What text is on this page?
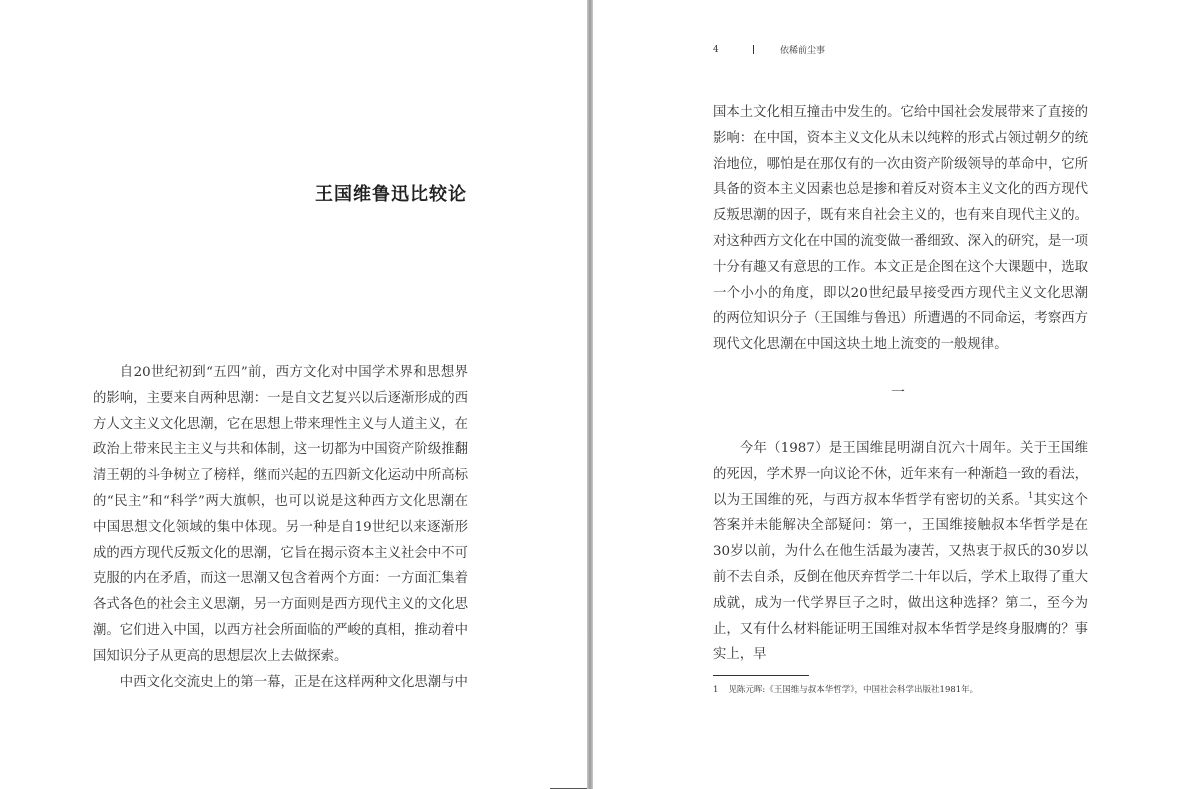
王国维鲁迅比较论

自20世纪初到“五四”前，西方文化对中国学术界和思想界的影响，主要来自两种思潮：一是自文艺复兴以后逐渐形成的西方人文主义文化思潮，它在思想上带来理性主义与人道主义，在政治上带来民主主义与共和体制，这一切都为中国资产阶级推翻清王朝的斗争树立了榜样，继而兴起的五四新文化运动中所高标的“民主”和“科学”两大旗帜，也可以说是这种西方文化思潮在中国思想文化领域的集中体现。另一种是自19世纪以来逐渐形成的西方现代反叛文化的思潮，它旨在揭示资本主义社会中不可克服的内在矛盾，而这一思潮又包含着两个方面：一方面汇集着各式各色的社会主义思潮，另一方面则是西方现代主义的文化思潮。它们进入中国，以西方社会所面临的严峻的真相，推动着中国知识分子从更高的思想层次上去做探索。

中西文化交流史上的第一幕，正是在这样两种文化思潮与中

4	依稀前尘事

国本土文化相互撞击中发生的。它给中国社会发展带来了直接的影响：在中国，资本主义文化从未以纯粹的形式占领过朝夕的统治地位，哪怕是在那仅有的一次由资产阶级领导的革命中，它所具备的资本主义因素也总是掺和着反对资本主义文化的西方现代反叛思潮的因子，既有来自社会主义的，也有来自现代主义的。对这种西方文化在中国的流变做一番细致、深入的研究，是一项十分有趣又有意思的工作。本文正是企图在这个大课题中，选取一个小小的角度，即以20世纪最早接受西方现代主义文化思潮的两位知识分子（王国维与鲁迅）所遭遇的不同命运，考察西方现代文化思潮在中国这块土地上流变的一般规律。

一

今年（1987）是王国维昆明湖自沉六十周年。关于王国维的死因，学术界一向议论不休，近年来有一种渐趋一致的看法，以为王国维的死，与西方叔本华哲学有密切的关系。$^1$其实这个答案并未能解决全部疑问：第一，王国维接触叔本华哲学是在30岁以前，为什么在他生活最为凄苦，又热衷于叔氏的30岁以前不去自杀，反倒在他厌弃哲学二十年以后，学术上取得了重大成就，成为一代学界巨子之时，做出这种选择？第二，至今为止，又有什么材料能证明王国维对叔本华哲学是终身服膺的？事实上，早

1 见陈元晖:《王国维与叔本华哲学》，中国社会科学出版社1981年。
